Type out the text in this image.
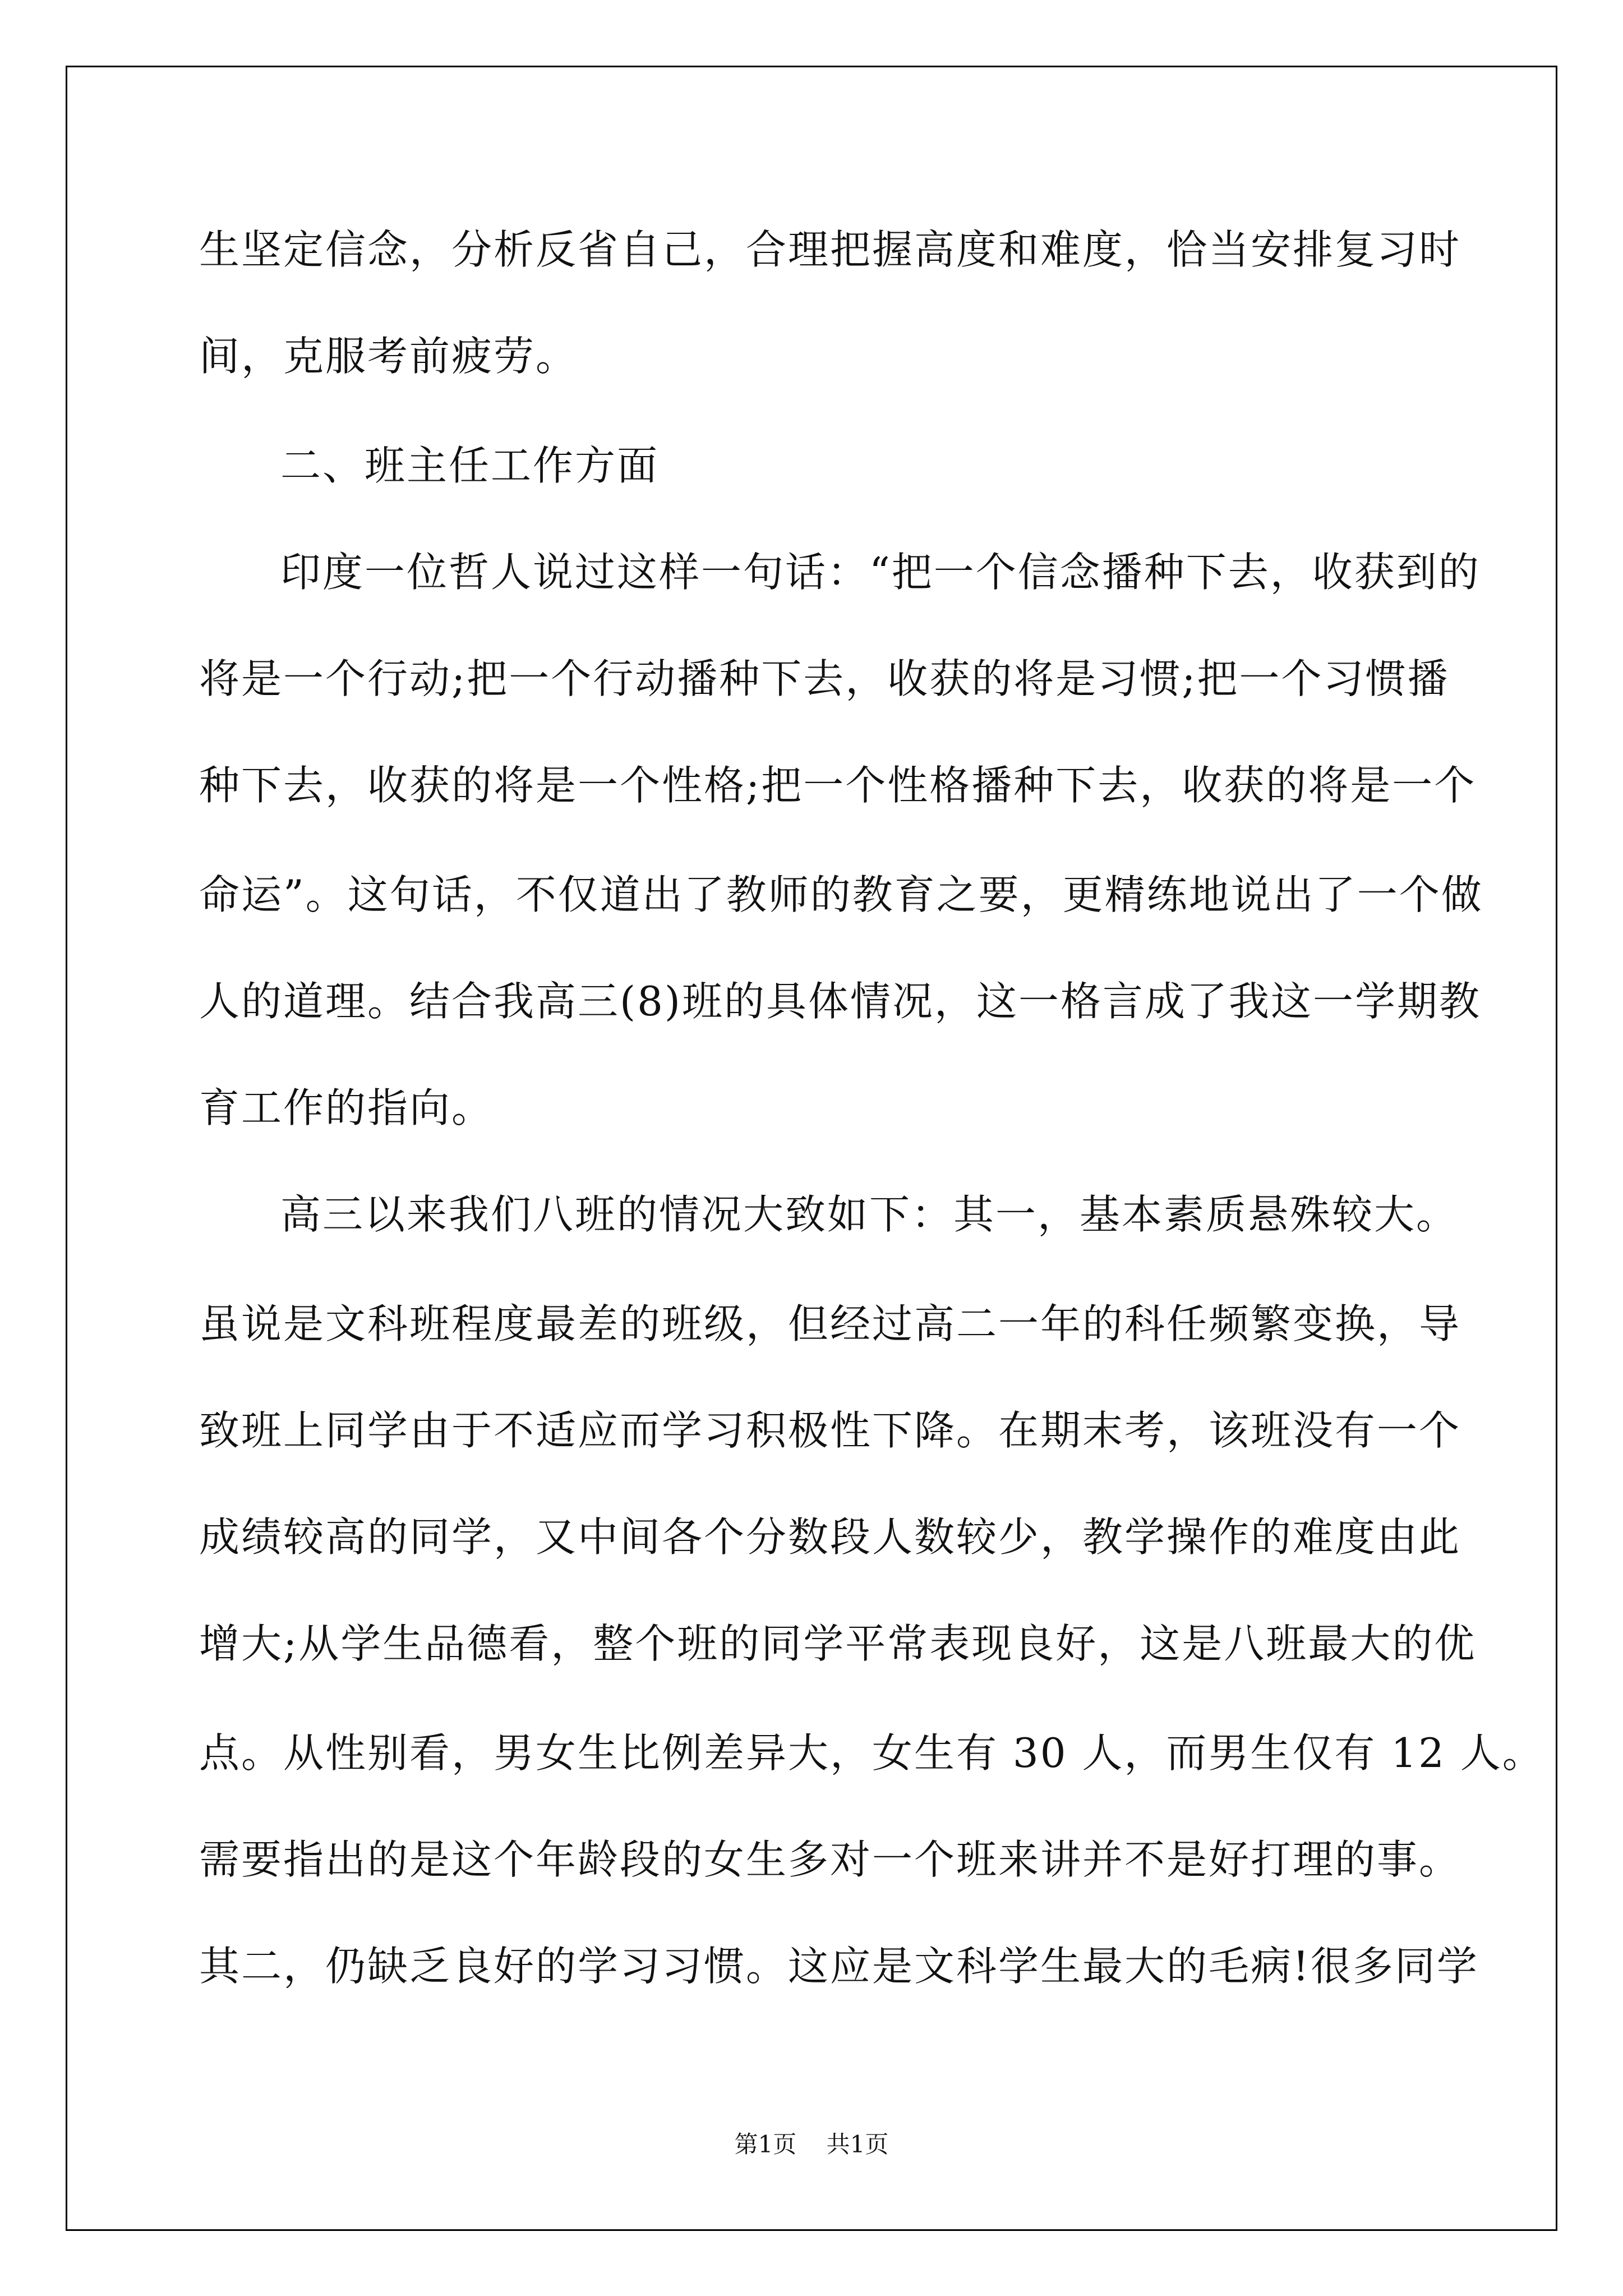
生坚定信念，分析反省自己，合理把握高度和难度，恰当安排复习时
间，克服考前疲劳。
二、班主任工作方面
印度一位哲人说过这样一句话：“把一个信念播种下去，收获到的
将是一个行动;把一个行动播种下去，收获的将是习惯;把一个习惯播
种下去，收获的将是一个性格;把一个性格播种下去，收获的将是一个
命运”。这句话，不仅道出了教师的教育之要，更精练地说出了一个做
人的道理。结合我高三(8)班的具体情况，这一格言成了我这一学期教
育工作的指向。
高三以来我们八班的情况大致如下：其一，基本素质悬殊较大。
虽说是文科班程度最差的班级，但经过高二一年的科任频繁变换，导
致班上同学由于不适应而学习积极性下降。在期末考，该班没有一个
成绩较高的同学，又中间各个分数段人数较少，教学操作的难度由此
增大;从学生品德看，整个班的同学平常表现良好，这是八班最大的优
点。从性别看，男女生比例差异大，女生有 30 人，而男生仅有 12 人。
需要指出的是这个年龄段的女生多对一个班来讲并不是好打理的事。
其二，仍缺乏良好的学习习惯。这应是文科学生最大的毛病!很多同学
第1页 共1页
